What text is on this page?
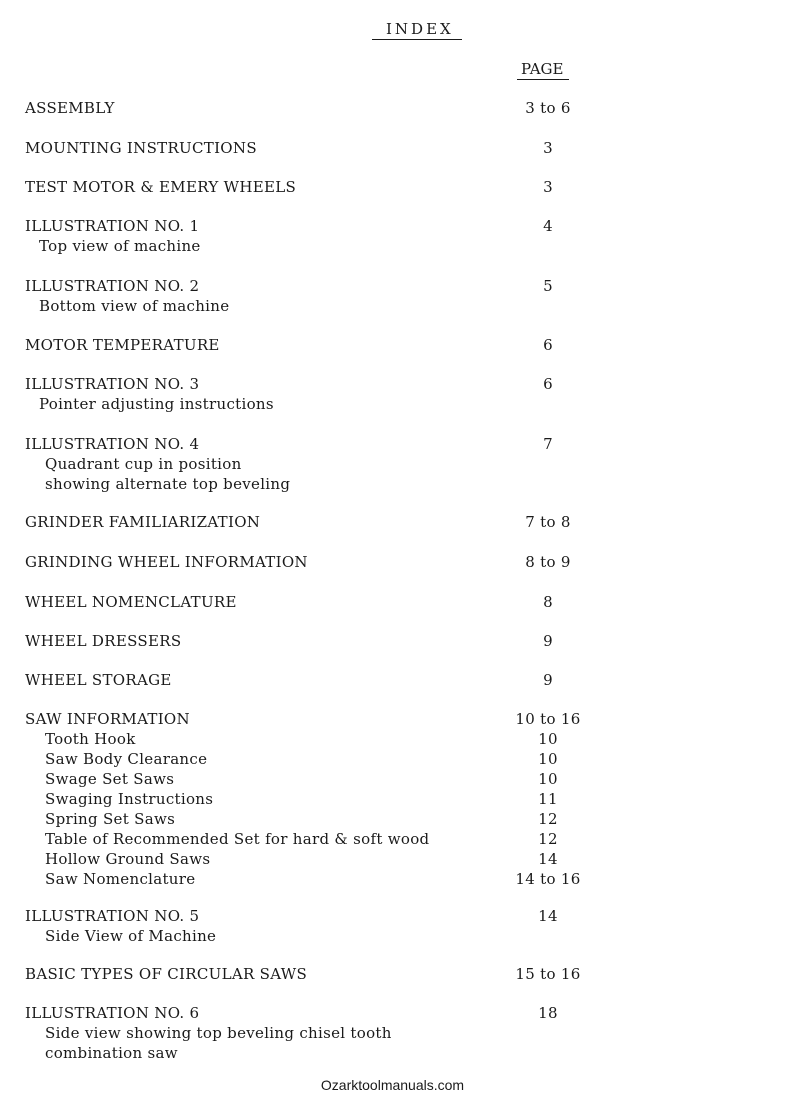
INDEX
PAGE
ASSEMBLY	3 to 6
MOUNTING INSTRUCTIONS	3
TEST MOTOR & EMERY WHEELS	3
ILLUSTRATION NO. 1	4
Top view of machine
ILLUSTRATION NO. 2	5
Bottom view of machine
MOTOR TEMPERATURE	6
ILLUSTRATION NO. 3	6
Pointer adjusting instructions
ILLUSTRATION NO. 4	7
Quadrant cup in position
showing alternate top beveling
GRINDER FAMILIARIZATION	7 to 8
GRINDING WHEEL INFORMATION	8 to 9
WHEEL NOMENCLATURE	8
WHEEL DRESSERS	9
WHEEL STORAGE	9
SAW INFORMATION	10 to 16
Tooth Hook	10
Saw Body Clearance	10
Swage Set Saws	10
Swaging Instructions	11
Spring Set Saws	12
Table of Recommended Set for hard & soft wood	12
Hollow Ground Saws	14
Saw Nomenclature	14 to 16
ILLUSTRATION NO. 5	14
Side View of Machine
BASIC TYPES OF CIRCULAR SAWS	15 to 16
ILLUSTRATION NO. 6	18
Side view showing top beveling chisel tooth
combination saw
Ozarktoolmanuals.com
